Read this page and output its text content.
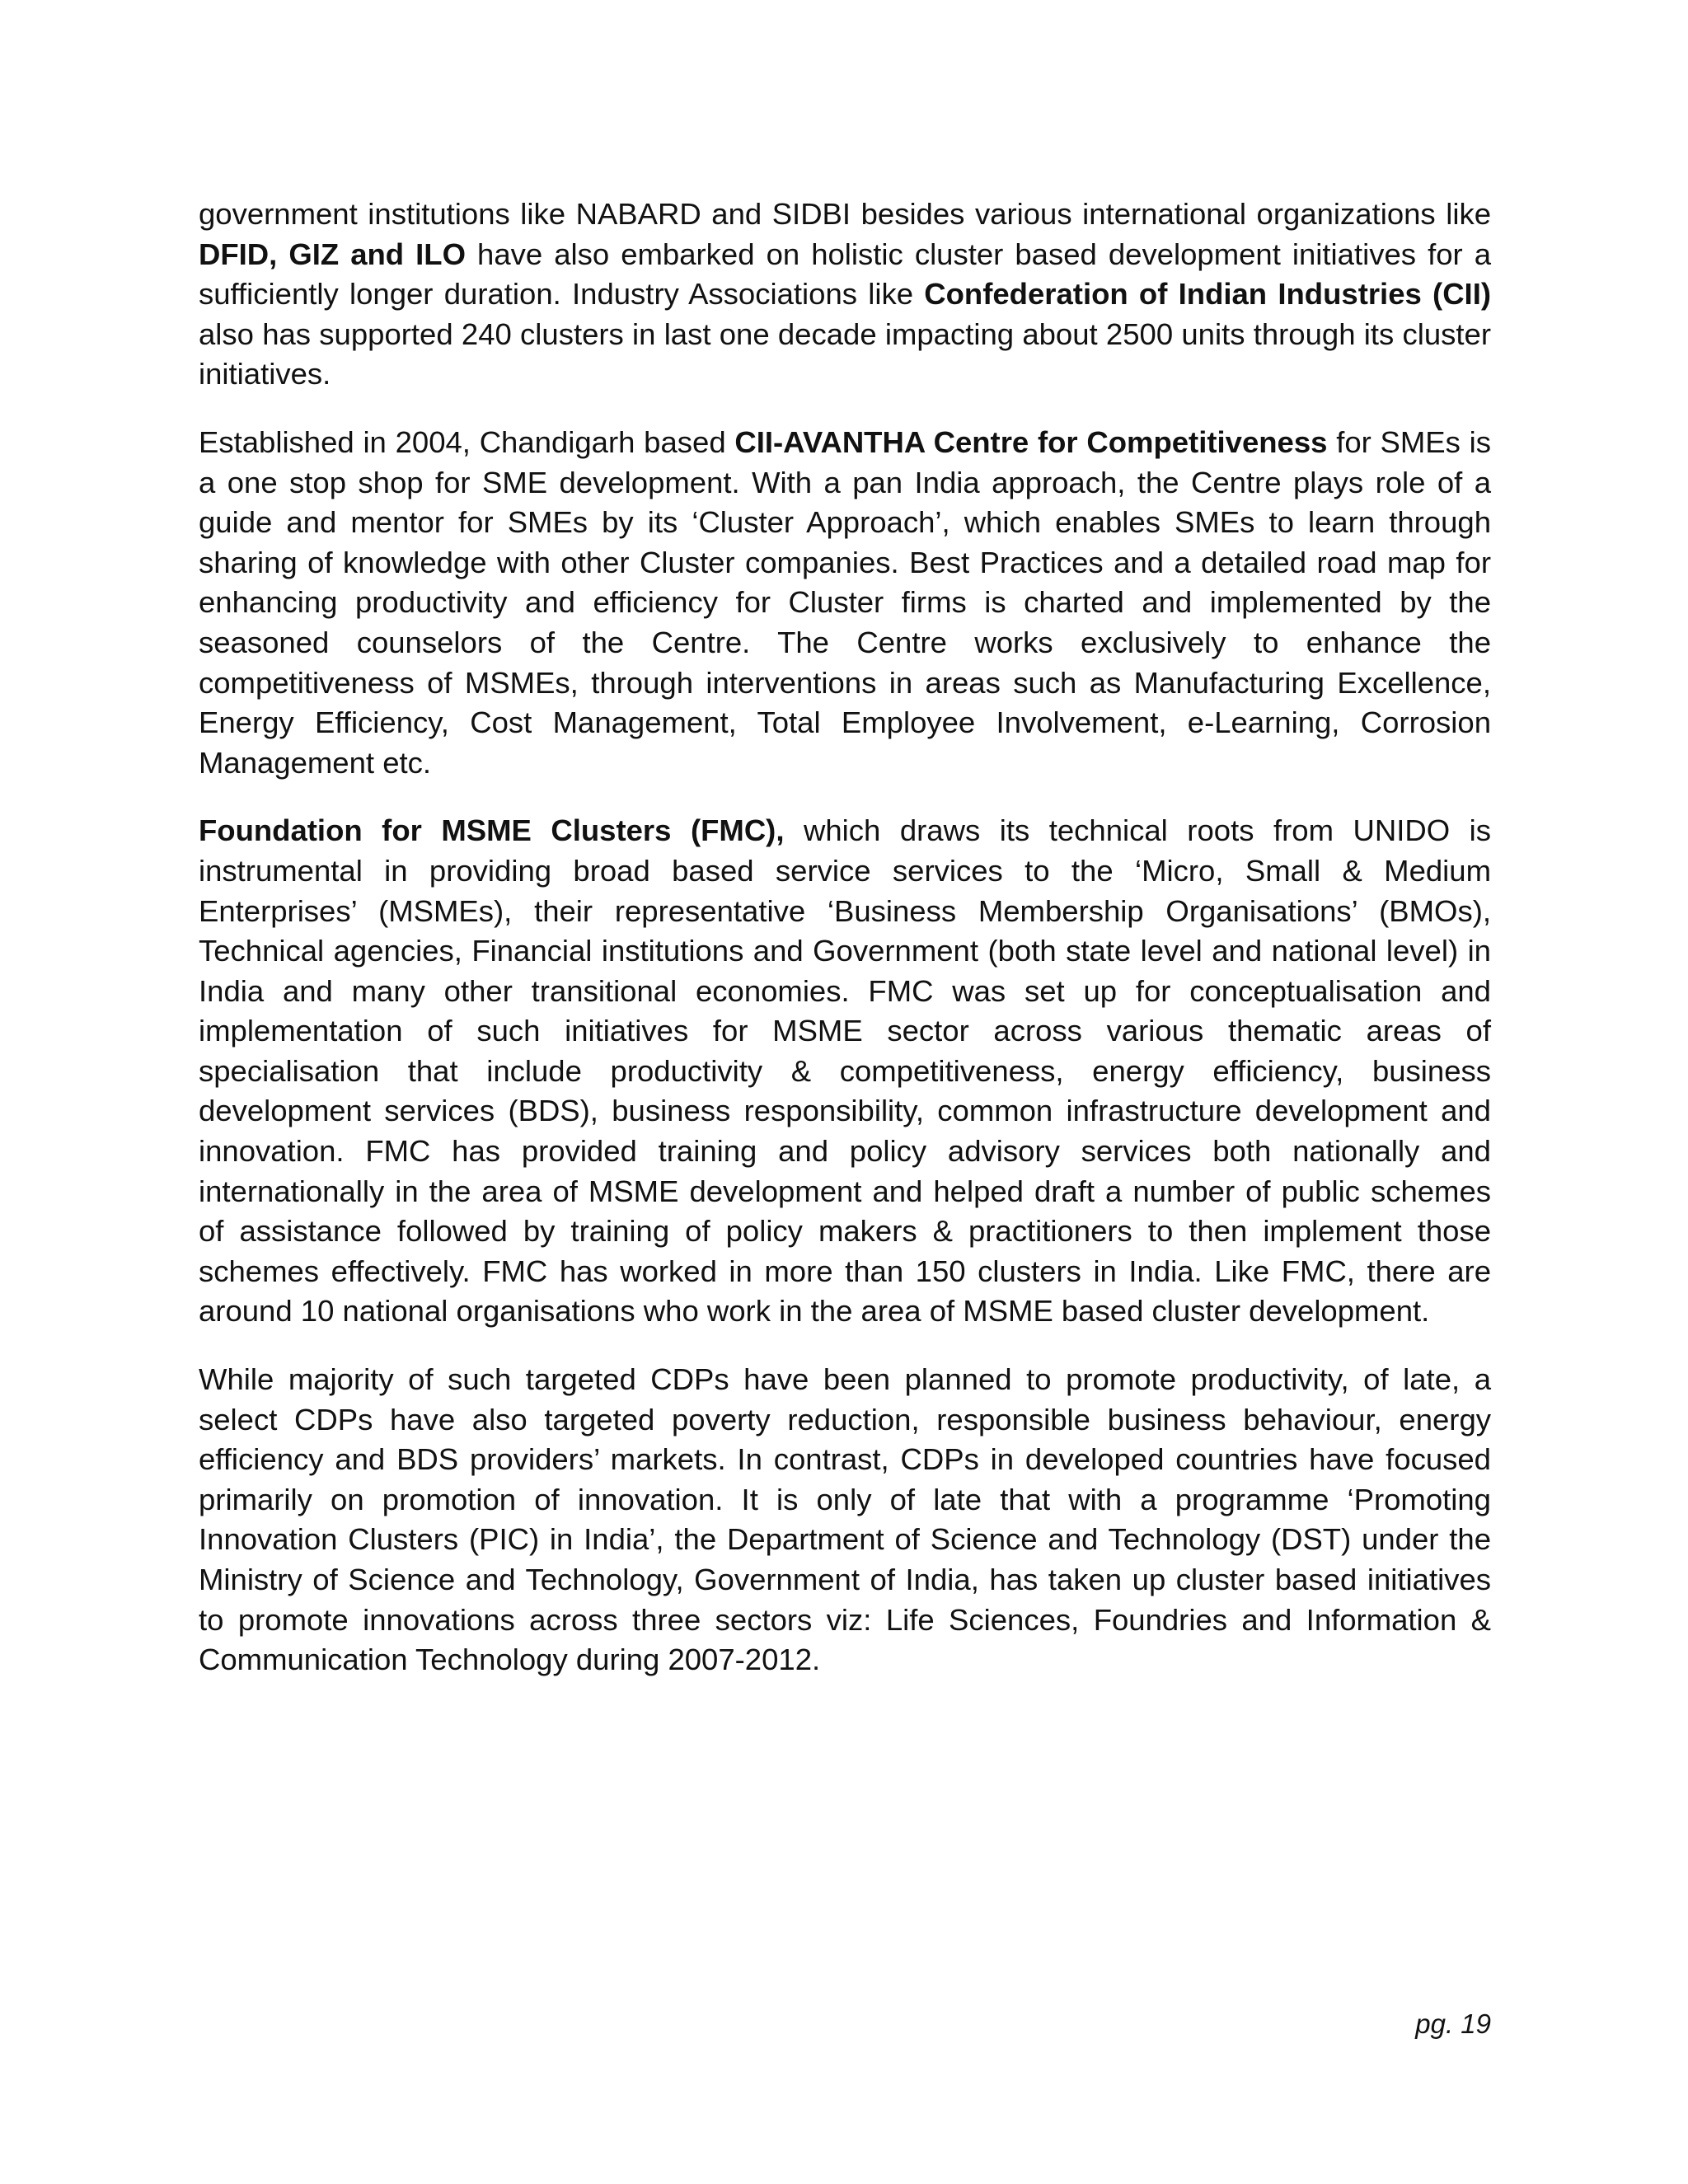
government institutions like NABARD and SIDBI besides various international organizations like DFID, GIZ and ILO have also embarked on holistic cluster based development initiatives for a sufficiently longer duration. Industry Associations like Confederation of Indian Industries (CII) also has supported 240 clusters in last one decade impacting about 2500 units through its cluster initiatives.

Established in 2004, Chandigarh based CII-AVANTHA Centre for Competitiveness for SMEs is a one stop shop for SME development. With a pan India approach, the Centre plays role of a guide and mentor for SMEs by its ‘Cluster Approach’, which enables SMEs to learn through sharing of knowledge with other Cluster companies. Best Practices and a detailed road map for enhancing productivity and efficiency for Cluster firms is charted and implemented by the seasoned counselors of the Centre. The Centre works exclusively to enhance the competitiveness of MSMEs, through interventions in areas such as Manufacturing Excellence, Energy Efficiency, Cost Management, Total Employee Involvement, e-Learning, Corrosion Management etc.

Foundation for MSME Clusters (FMC), which draws its technical roots from UNIDO is instrumental in providing broad based service services to the ‘Micro, Small & Medium Enterprises’ (MSMEs), their representative ‘Business Membership Organisations’ (BMOs), Technical agencies, Financial institutions and Government (both state level and national level) in India and many other transitional economies. FMC was set up for conceptualisation and implementation of such initiatives for MSME sector across various thematic areas of specialisation that include productivity & competitiveness, energy efficiency, business development services (BDS), business responsibility, common infrastructure development and innovation. FMC has provided training and policy advisory services both nationally and internationally in the area of MSME development and helped draft a number of public schemes of assistance followed by training of policy makers & practitioners to then implement those schemes effectively. FMC has worked in more than 150 clusters in India. Like FMC, there are around 10 national organisations who work in the area of MSME based cluster development.

While majority of such targeted CDPs have been planned to promote productivity, of late, a select CDPs have also targeted poverty reduction, responsible business behaviour, energy efficiency and BDS providers’ markets. In contrast, CDPs in developed countries have focused primarily on promotion of innovation. It is only of late that with a programme ‘Promoting Innovation Clusters (PIC) in India’, the Department of Science and Technology (DST) under the Ministry of Science and Technology, Government of India, has taken up cluster based initiatives to promote innovations across three sectors viz: Life Sciences, Foundries and Information & Communication Technology during 2007-2012.

pg. 19
